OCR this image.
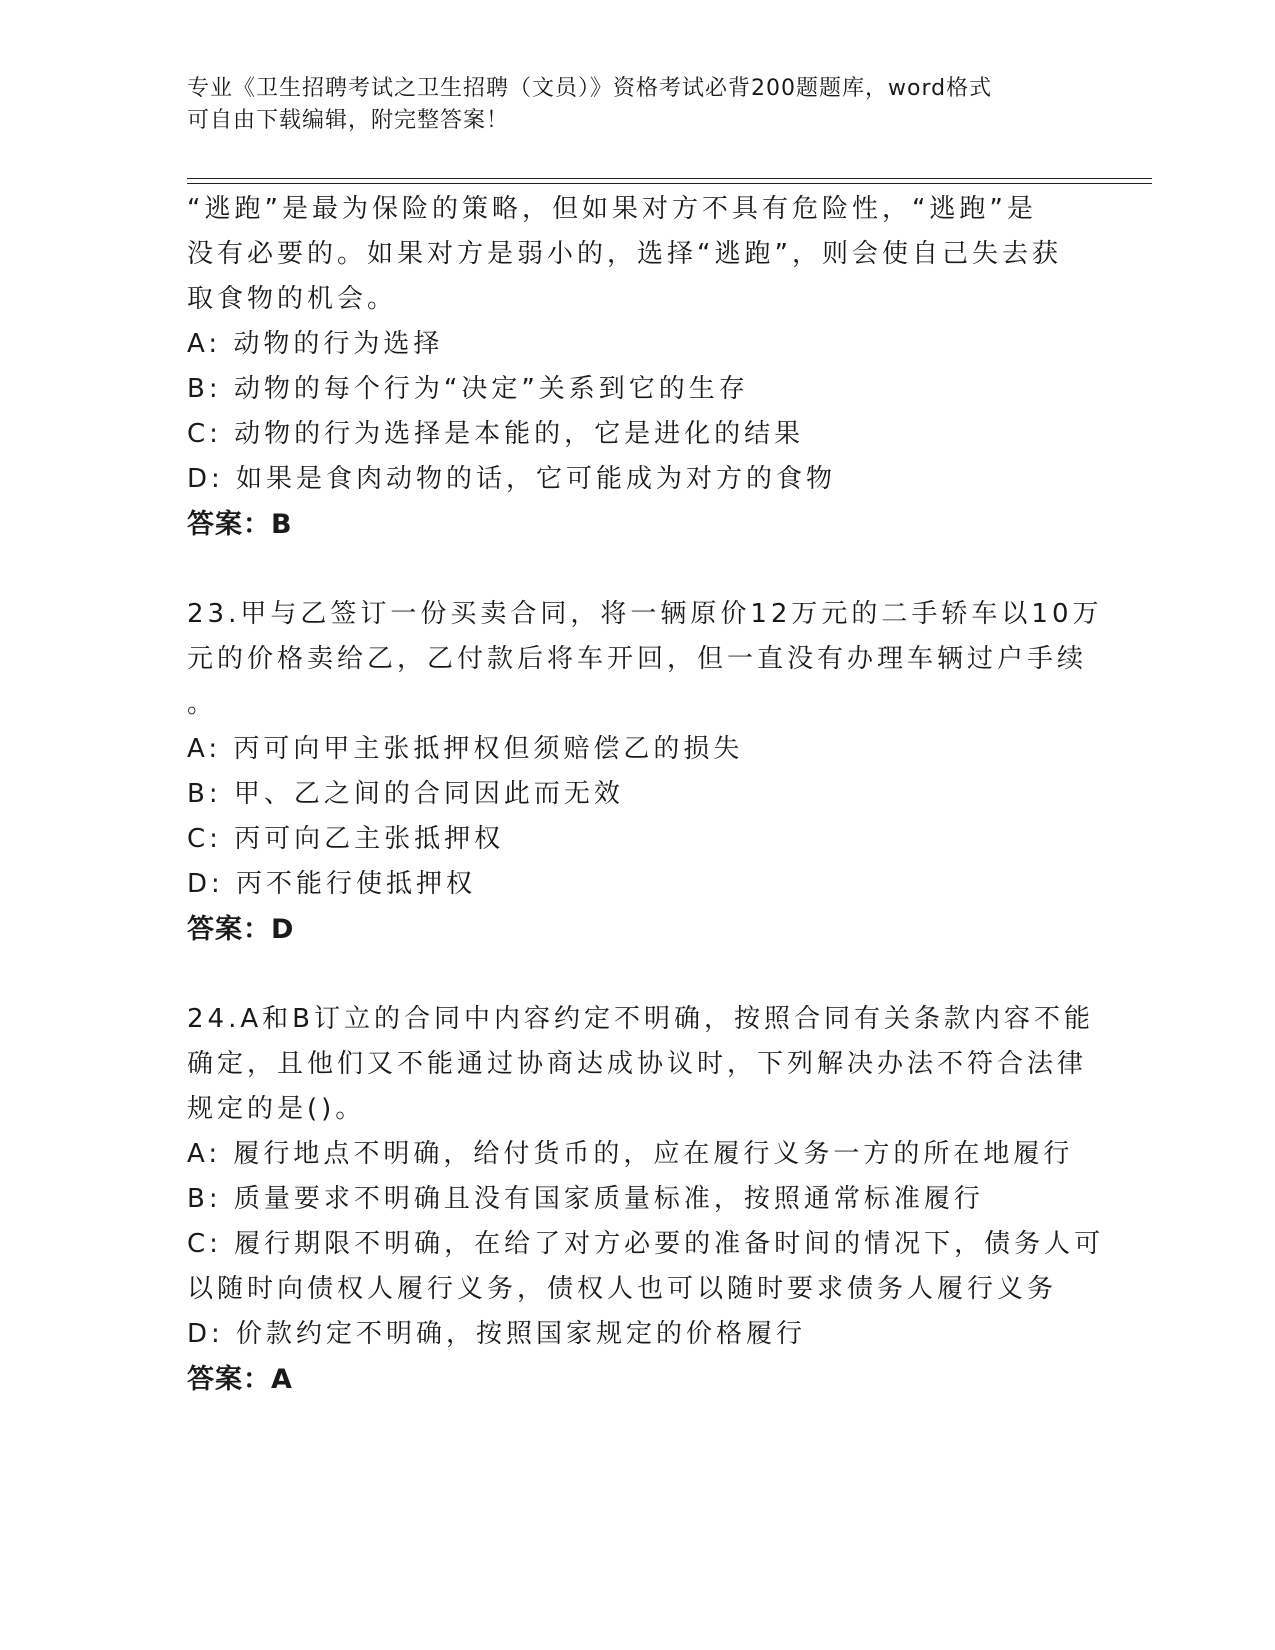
专业《卫生招聘考试之卫生招聘（文员）》资格考试必背200题题库，word格式
可自由下载编辑，附完整答案！
“逃跑”是最为保险的策略，但如果对方不具有危险性，“逃跑”是
没有必要的。如果对方是弱小的，选择“逃跑”，则会使自己失去获
取食物的机会。
A: 动物的行为选择
B: 动物的每个行为“决定”关系到它的生存
C: 动物的行为选择是本能的，它是进化的结果
D: 如果是食肉动物的话，它可能成为对方的食物
答案：B
23.甲与乙签订一份买卖合同，将一辆原价12万元的二手轿车以10万
元的价格卖给乙，乙付款后将车开回，但一直没有办理车辆过户手续
。
A: 丙可向甲主张抵押权但须赔偿乙的损失
B: 甲、乙之间的合同因此而无效
C: 丙可向乙主张抵押权
D: 丙不能行使抵押权
答案：D
24.A和B订立的合同中内容约定不明确，按照合同有关条款内容不能
确定，且他们又不能通过协商达成协议时，下列解决办法不符合法律
规定的是()。
A: 履行地点不明确，给付货币的，应在履行义务一方的所在地履行
B: 质量要求不明确且没有国家质量标准，按照通常标准履行
C: 履行期限不明确，在给了对方必要的准备时间的情况下，债务人可
以随时向债权人履行义务，债权人也可以随时要求债务人履行义务
D: 价款约定不明确，按照国家规定的价格履行
答案：A
